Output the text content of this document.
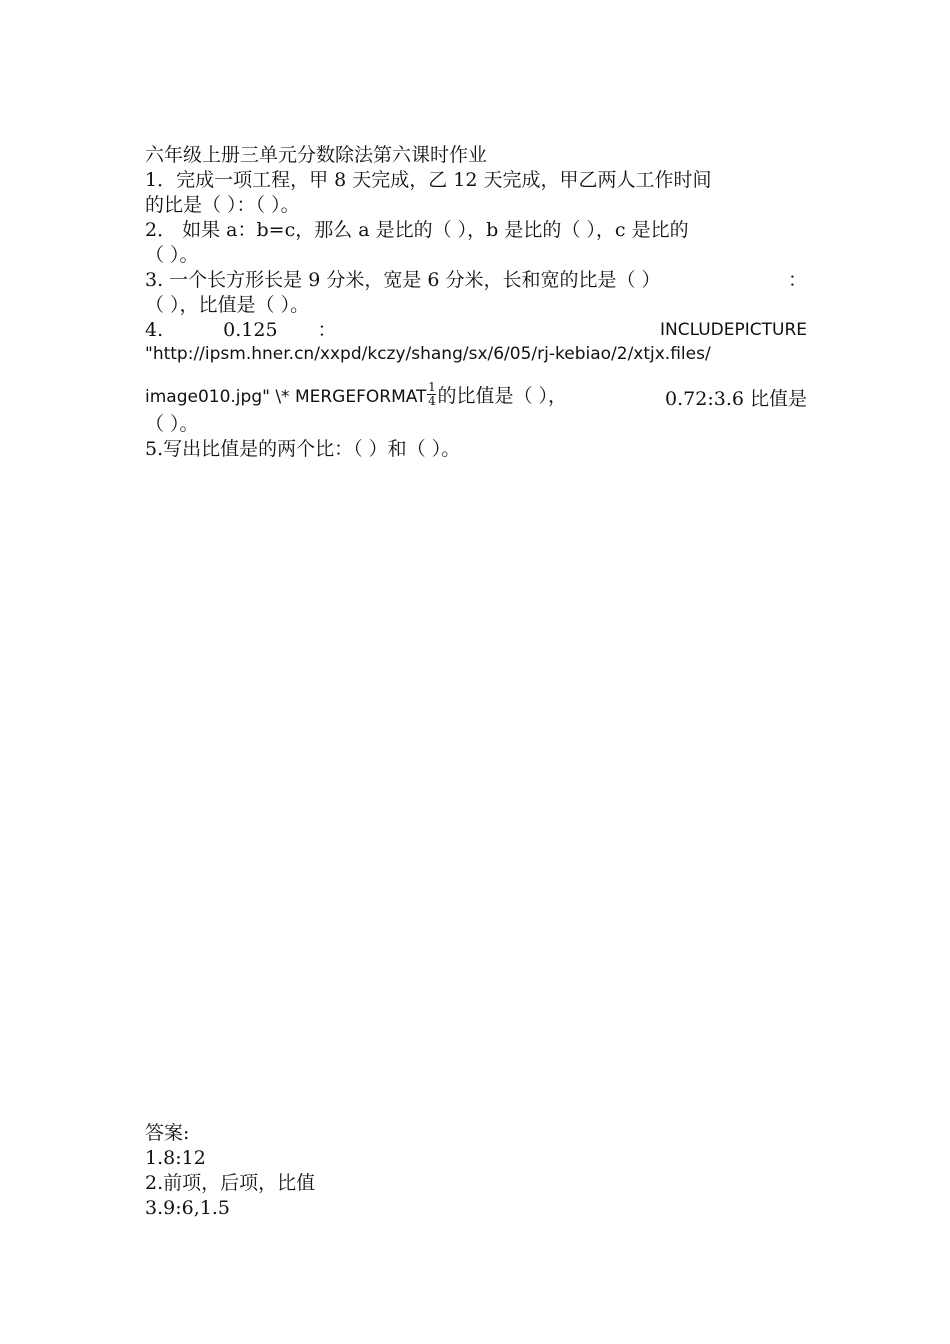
六年级上册三单元分数除法第六课时作业
1．完成一项工程，甲 8 天完成，乙 12 天完成，甲乙两人工作时间
的比是（ ）：（ ）。
2． 如果 a：b=c，那么 a 是比的（ ），b 是比的（ ），c 是比的
（ ）。
3. 一个长方形长是 9 分米，宽是 6 分米，长和宽的比是（ ）	：
（ ），比值是（ ）。
4.	0.125 ：	INCLUDEPICTURE
"http://ipsm.hner.cn/xxpd/kczy/shang/sx/6/05/rj-kebiao/2/xtjx.files/
image010.jpg" \* MERGEFORMAT $\frac{1}{4}$ 的比值是（ ），	0.72:3.6 比值是
（ ）。
5.写出比值是的两个比：（ ）和（ ）。
答案:
1.8:12
2.前项，后项，比值
3.9:6,1.5
